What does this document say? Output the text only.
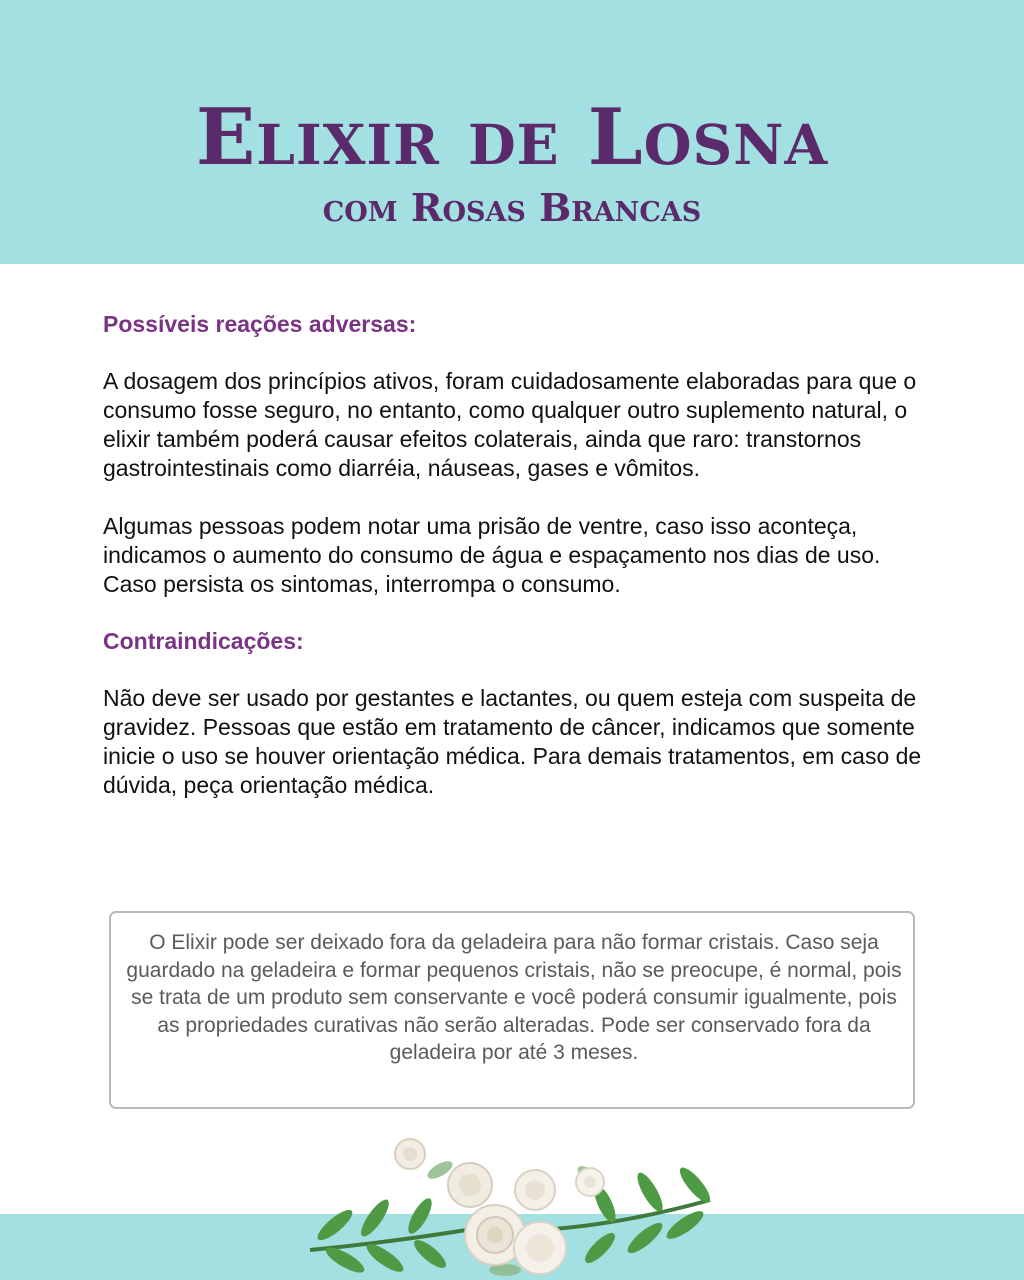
Elixir de Losna
com Rosas Brancas

Possíveis reações adversas:

A dosagem dos princípios ativos, foram cuidadosamente elaboradas para que o consumo fosse seguro, no entanto, como qualquer outro suplemento natural, o elixir também poderá causar efeitos colaterais, ainda que raro: transtornos gastrointestinais como diarréia, náuseas, gases e vômitos.

Algumas pessoas podem notar uma prisão de ventre, caso isso aconteça, indicamos o aumento do consumo de água e espaçamento nos dias de uso. Caso persista os sintomas, interrompa o consumo.

Contraindicações:

Não deve ser usado por gestantes e lactantes, ou quem esteja com suspeita de gravidez. Pessoas que estão em tratamento de câncer, indicamos que somente inicie o uso se houver orientação médica. Para demais tratamentos, em caso de dúvida, peça orientação médica.

O Elixir pode ser deixado fora da geladeira para não formar cristais. Caso seja guardado na geladeira e formar pequenos cristais, não se preocupe, é normal, pois se trata de um produto sem conservante e você poderá consumir igualmente, pois as propriedades curativas não serão alteradas. Pode ser conservado fora da geladeira por até 3 meses.
